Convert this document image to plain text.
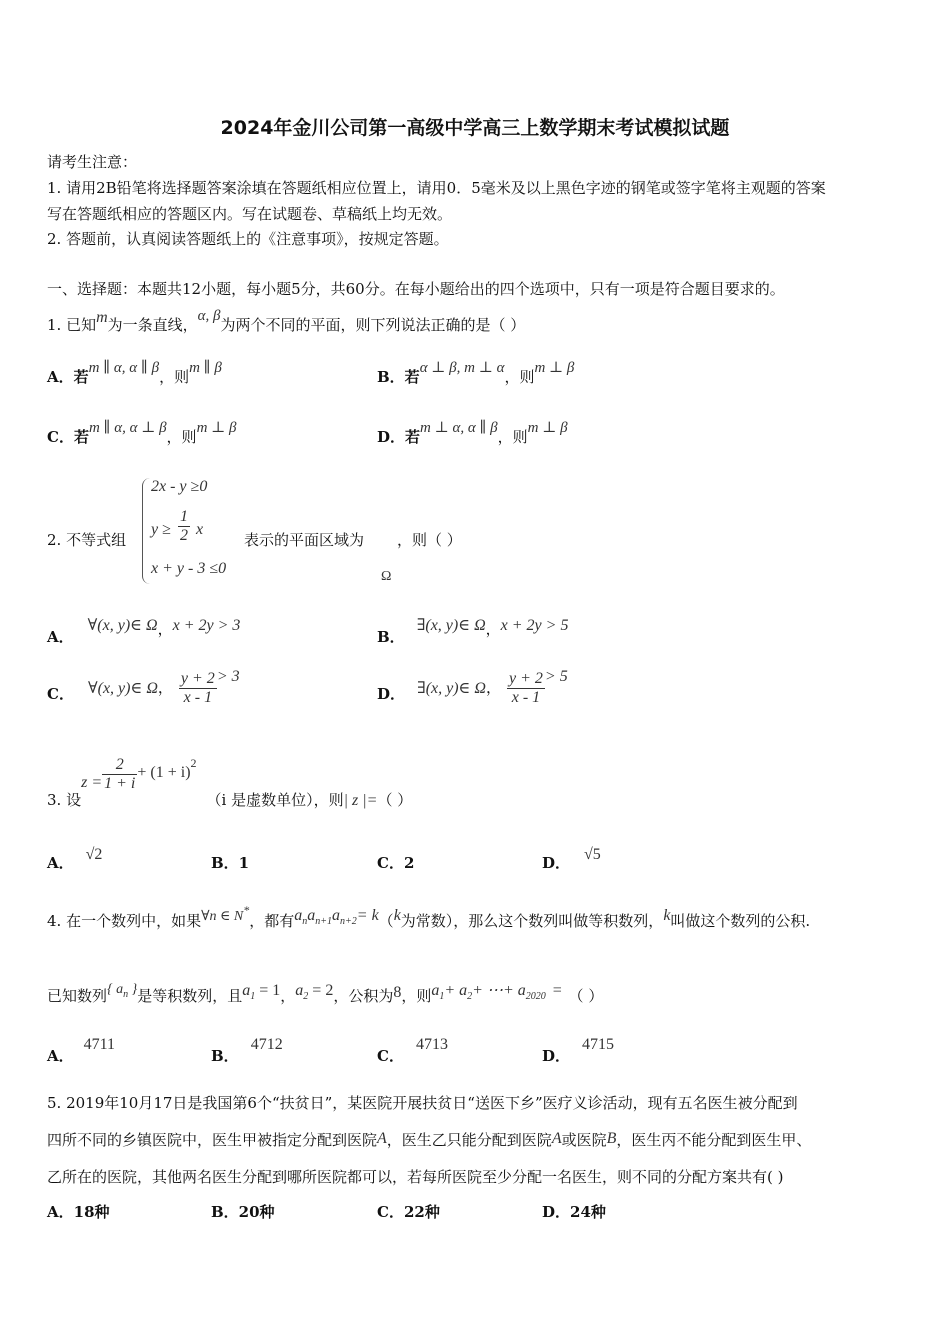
2024年金川公司第一高级中学高三上数学期末考试模拟试题
请考生注意：
1. 请用2B铅笔将选择题答案涂填在答题纸相应位置上，请用0．5毫米及以上黑色字迹的钢笔或签字笔将主观题的答案
写在答题纸相应的答题区内。写在试题卷、草稿纸上均无效。
2. 答题前，认真阅读答题纸上的《注意事项》，按规定答题。
一、选择题：本题共12小题，每小题5分，共60分。在每小题给出的四个选项中，只有一项是符合题目要求的。
1. 已知m为一条直线，α, β为两个不同的平面，则下列说法正确的是（ ）
A．若m ∥ α, α ∥ β，则m ∥ β	B．若α ⊥ β, m ⊥ α，则m ⊥ β
C．若m ∥ α, α ⊥ β，则m ⊥ β	D．若m ⊥ α, α ∥ β，则m ⊥ β
2. 不等式组
2x - y ≥0
$y \ge \frac{1}{2}$ x
x + y - 3 ≤0
表示的平面区域为 ，则（ ）
Ω
A．∀(x, y)∈ Ω，x + 2y > 3
B．∃(x, y)∈ Ω，x + 2y > 5
C． ∀(x, y)∈ Ω， $\frac{y + 2}{x - 1} > 3$
D． ∃(x, y)∈ Ω， $\frac{y + 2}{x - 1} > 5$
3. 设$z = \frac{2}{1 + i} + (1 + i)^2(i$ 是虚数单位），则| z |=（ ）
A． √2	B．1	C．2	D． √5
4. 在一个数列中，如果∀n ∈ N*，都有anan+1an+2= k（k为常数），那么这个数列叫做等积数列，k叫做这个数列的公积.
已知数列{ $a^n$ }是等积数列，且a1 = 1，a2 = 2，公积为8，则a1+ a2+ ⋯+ a2020 = （ ）
A．4711
B．4712
C．4713
D．4715
5. 2019年10月17日是我国第6个“扶贫日”，某医院开展扶贫日“送医下乡”医疗义诊活动，现有五名医生被分配到
四所不同的乡镇医院中，医生甲被指定分配到医院A，医生乙只能分配到医院A或医院B，医生丙不能分配到医生甲、
乙所在的医院，其他两名医生分配到哪所医院都可以，若每所医院至少分配一名医生，则不同的分配方案共有( )
A．18种	B．20种	C．22种	D．24种
